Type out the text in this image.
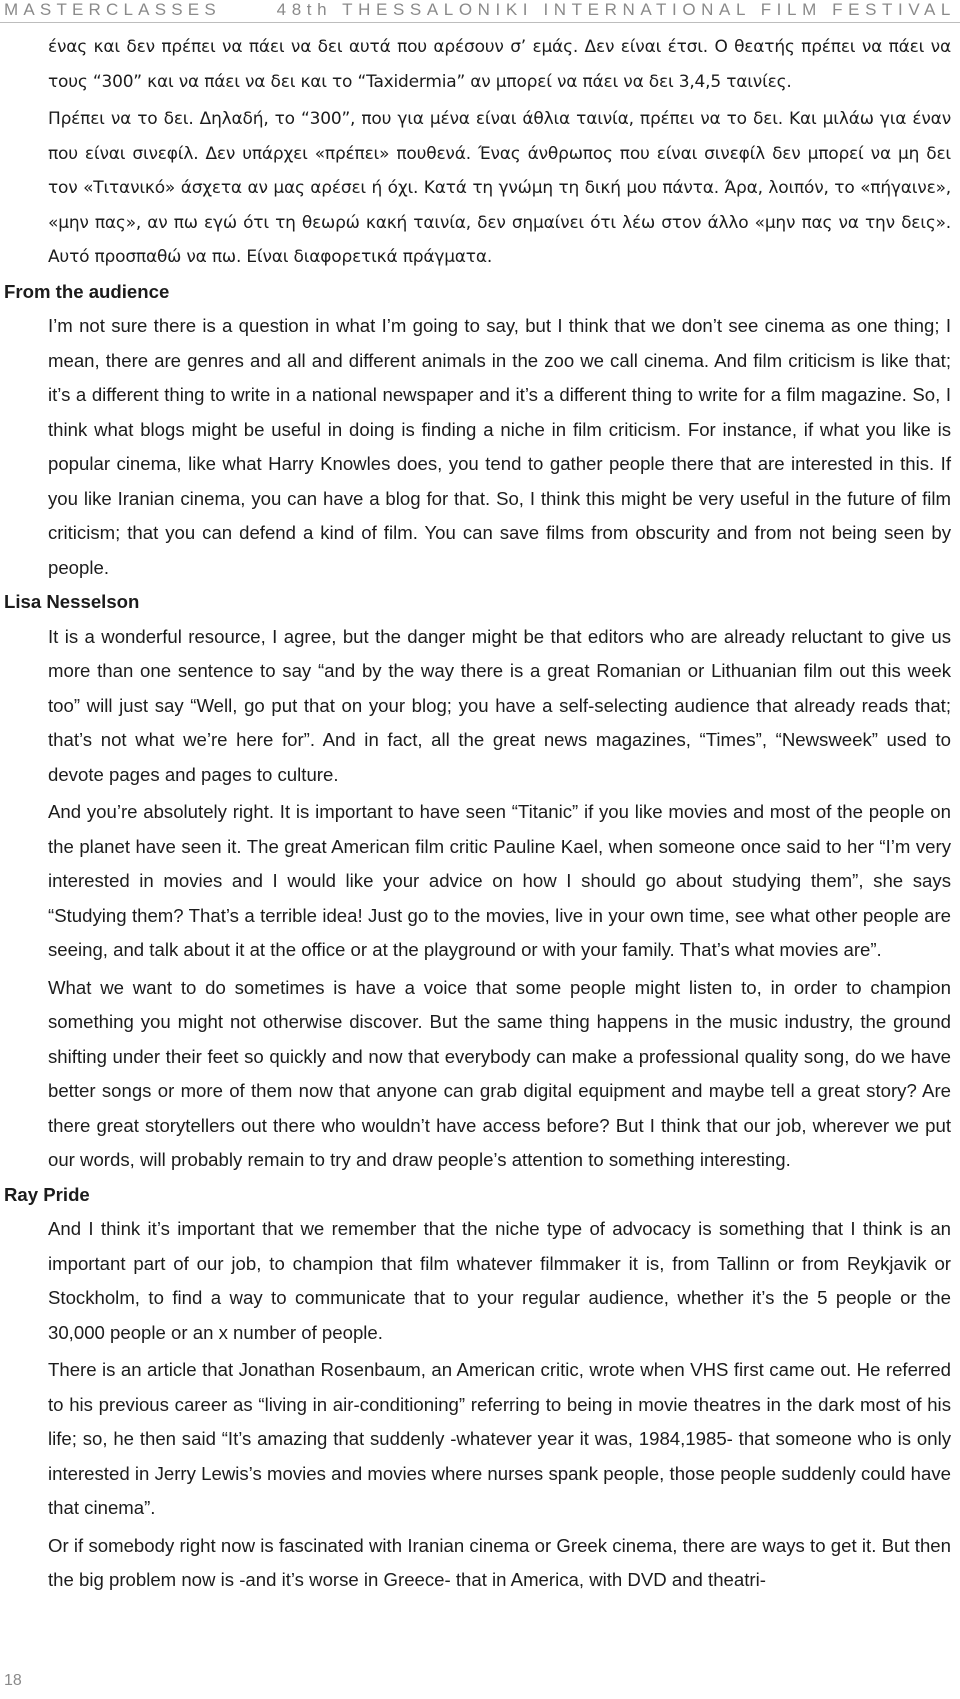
MASTERCLASSES	48th THESSALONIKI INTERNATIONAL FILM FESTIVAL

ένας και δεν πρέπει να πάει να δει αυτά που αρέσουν σ’ εμάς. Δεν είναι έτσι. Ο θεατής πρέπει να πάει να τους “300” και να πάει να δει και το “Taxidermia” αν μπορεί να πάει να δει 3,4,5 ταινίες.

Πρέπει να το δει. Δηλαδή, το “300”, που για μένα είναι άθλια ταινία, πρέπει να το δει. Και μιλάω για έναν που είναι σινεφίλ. Δεν υπάρχει «πρέπει» πουθενά. Ένας άνθρωπος που είναι σινεφίλ δεν μπορεί να μη δει τον «Τιτανικό» άσχετα αν μας αρέσει ή όχι. Κατά τη γνώμη τη δική μου πάντα. Άρα, λοιπόν, το «πήγαινε», «μην πας», αν πω εγώ ότι τη θεωρώ κακή ταινία, δεν σημαίνει ότι λέω στον άλλο «μην πας να την δεις». Αυτό προσπαθώ να πω. Είναι διαφορετικά πράγματα.

From the audience

I’m not sure there is a question in what I’m going to say, but I think that we don’t see cinema as one thing; I mean, there are genres and all and different animals in the zoo we call cinema. And film criticism is like that; it’s a different thing to write in a national newspaper and it’s a different thing to write for a film magazine. So, I think what blogs might be useful in doing is finding a niche in film criticism. For instance, if what you like is popular cinema, like what Harry Knowles does, you tend to gather people there that are interested in this. If you like Iranian cinema, you can have a blog for that. So, I think this might be very useful in the future of film criticism; that you can defend a kind of film. You can save films from obscurity and from not being seen by people.

Lisa Nesselson

It is a wonderful resource, I agree, but the danger might be that editors who are already reluctant to give us more than one sentence to say “and by the way there is a great Romanian or Lithuanian film out this week too” will just say “Well, go put that on your blog; you have a self-selecting audience that already reads that; that’s not what we’re here for”. And in fact, all the great news magazines, “Times”, “Newsweek” used to devote pages and pages to culture.

And you’re absolutely right. It is important to have seen “Titanic” if you like movies and most of the people on the planet have seen it. The great American film critic Pauline Kael, when someone once said to her “I’m very interested in movies and I would like your advice on how I should go about studying them”, she says “Studying them? That’s a terrible idea! Just go to the movies, live in your own time, see what other people are seeing, and talk about it at the office or at the playground or with your family. That’s what movies are”.

What we want to do sometimes is have a voice that some people might listen to, in order to champion something you might not otherwise discover. But the same thing happens in the music industry, the ground shifting under their feet so quickly and now that everybody can make a professional quality song, do we have better songs or more of them now that anyone can grab digital equipment and maybe tell a great story? Are there great storytellers out there who wouldn’t have access before? But I think that our job, wherever we put our words, will probably remain to try and draw people’s attention to something interesting.

Ray Pride

And I think it’s important that we remember that the niche type of advocacy is something that I think is an important part of our job, to champion that film whatever filmmaker it is, from Tallinn or from Reykjavik or Stockholm, to find a way to communicate that to your regular audience, whether it’s the 5 people or the 30,000 people or an x number of people.

There is an article that Jonathan Rosenbaum, an American critic, wrote when VHS first came out. He referred to his previous career as “living in air-conditioning” referring to being in movie theatres in the dark most of his life; so, he then said “It’s amazing that suddenly -whatever year it was, 1984,1985- that someone who is only interested in Jerry Lewis’s movies and movies where nurses spank people, those people suddenly could have that cinema”.

Or if somebody right now is fascinated with Iranian cinema or Greek cinema, there are ways to get it. But then the big problem now is -and it’s worse in Greece- that in America, with DVD and theatri-

18
